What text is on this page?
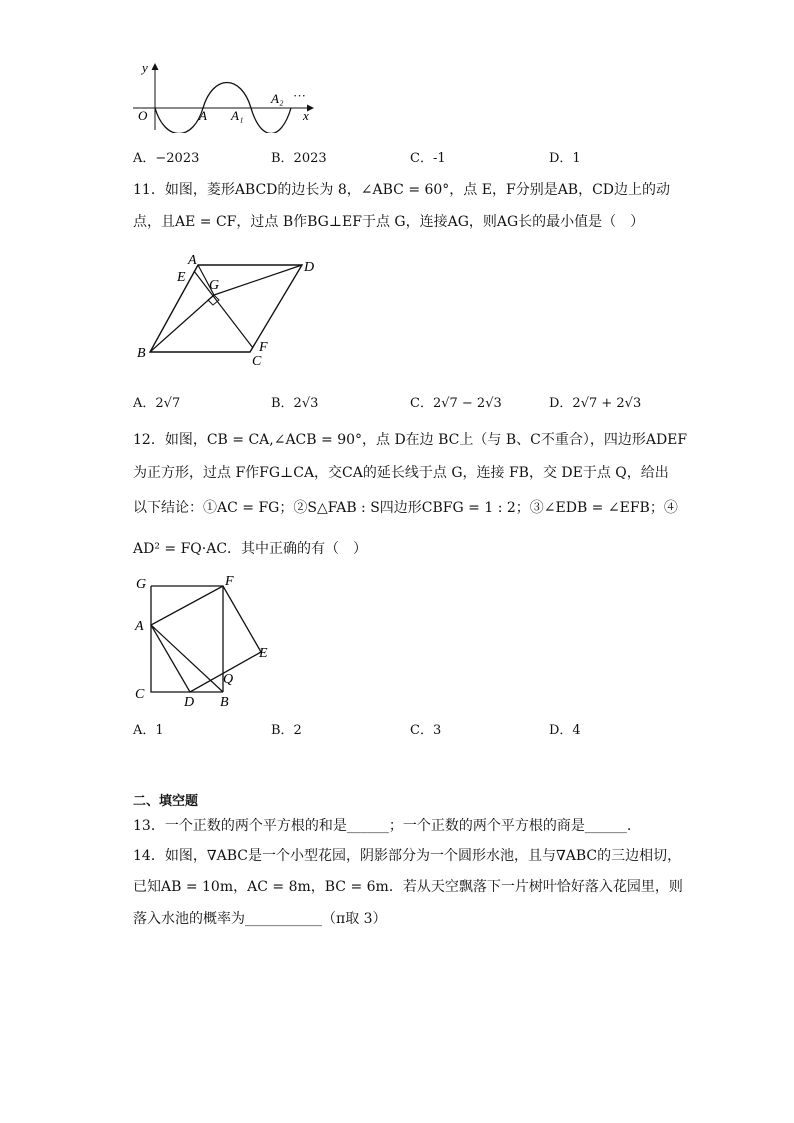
y
O	A A₁
A₂ ···
x
A．−2023	B．2023	C．-1	D．1
11．如图，菱形ABCD的边长为 8，∠ABC = 60°，点 E，F分别是AB，CD边上的动
点，且AE = CF，过点 B作BG⊥EF于点 G，连接AG，则AG长的最小值是（　）
A
E
G
D
B	F
C
A．2√7	B．2√3	C．2√7 − 2√3	D．2√7 + 2√3
12．如图，CB = CA,∠ACB = 90°，点 D在边 BC上（与 B、C不重合），四边形ADEF
为正方形，过点 F作FG⊥CA，交CA的延长线于点 G，连接 FB，交 DE于点 Q，给出
以下结论：①AC = FG；②S△FAB : S四边形CBFG = 1 : 2；③∠EDB = ∠EFB；④
AD² = FQ·AC．其中正确的有（　）
G	F
A
E
C
Q
D B
A．1	B．2	C．3	D．4
二、填空题
13．一个正数的两个平方根的和是______；一个正数的两个平方根的商是______.
14．如图，∇ABC是一个小型花园，阴影部分为一个圆形水池，且与∇ABC的三边相切，
已知AB = 10m，AC = 8m，BC = 6m．若从天空飘落下一片树叶恰好落入花园里，则
落入水池的概率为___________（π取 3）
